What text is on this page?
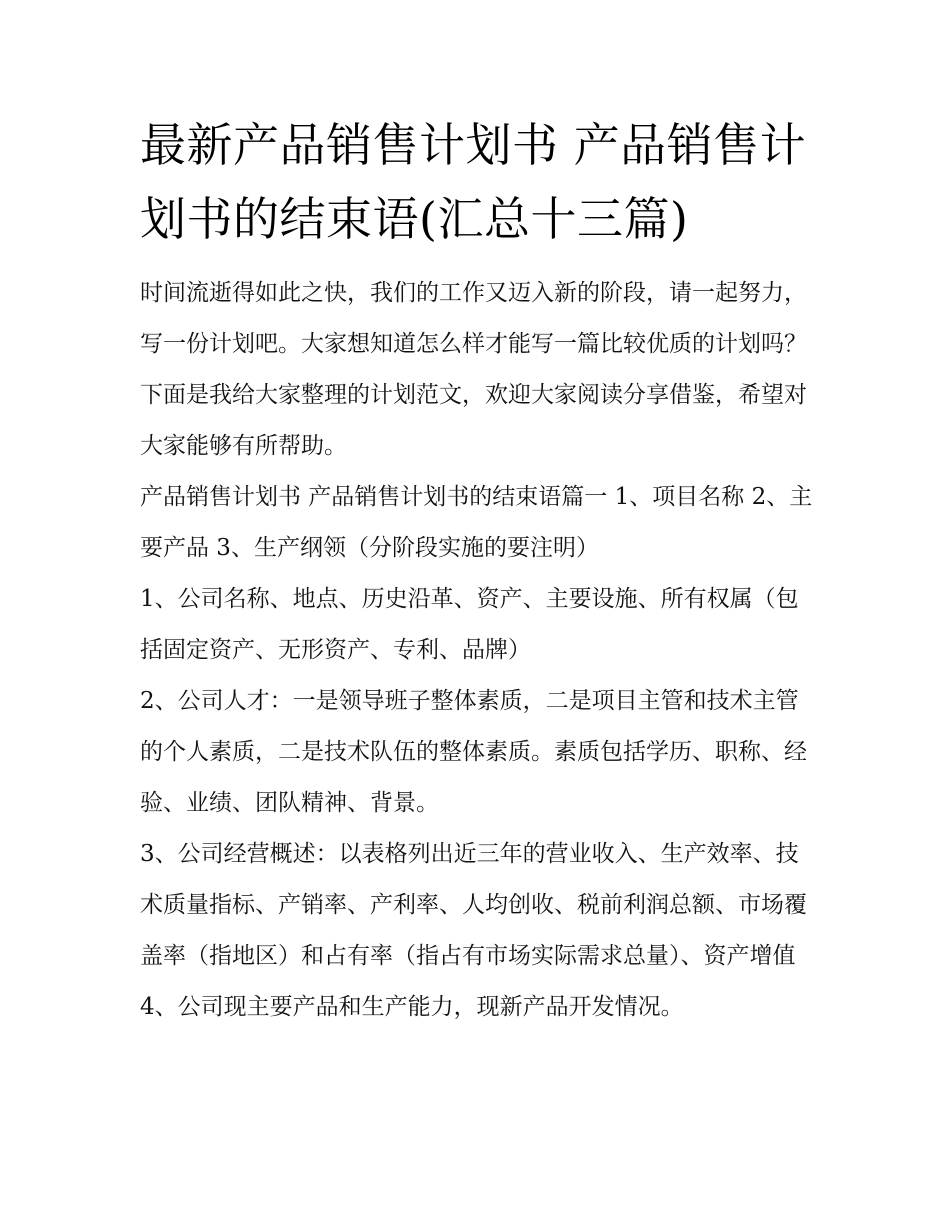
最新产品销售计划书 产品销售计划书的结束语(汇总十三篇)

时间流逝得如此之快，我们的工作又迈入新的阶段，请一起努力，写一份计划吧。大家想知道怎么样才能写一篇比较优质的计划吗？下面是我给大家整理的计划范文，欢迎大家阅读分享借鉴，希望对大家能够有所帮助。

产品销售计划书 产品销售计划书的结束语篇一 1、项目名称 2、主要产品 3、生产纲领（分阶段实施的要注明）

1、公司名称、地点、历史沿革、资产、主要设施、所有权属（包括固定资产、无形资产、专利、品牌）

2、公司人才：一是领导班子整体素质，二是项目主管和技术主管的个人素质，二是技术队伍的整体素质。素质包括学历、职称、经验、业绩、团队精神、背景。

3、公司经营概述：以表格列出近三年的营业收入、生产效率、技术质量指标、产销率、产利率、人均创收、税前利润总额、市场覆盖率（指地区）和占有率（指占有市场实际需求总量）、资产增值

4、公司现主要产品和生产能力，现新产品开发情况。
